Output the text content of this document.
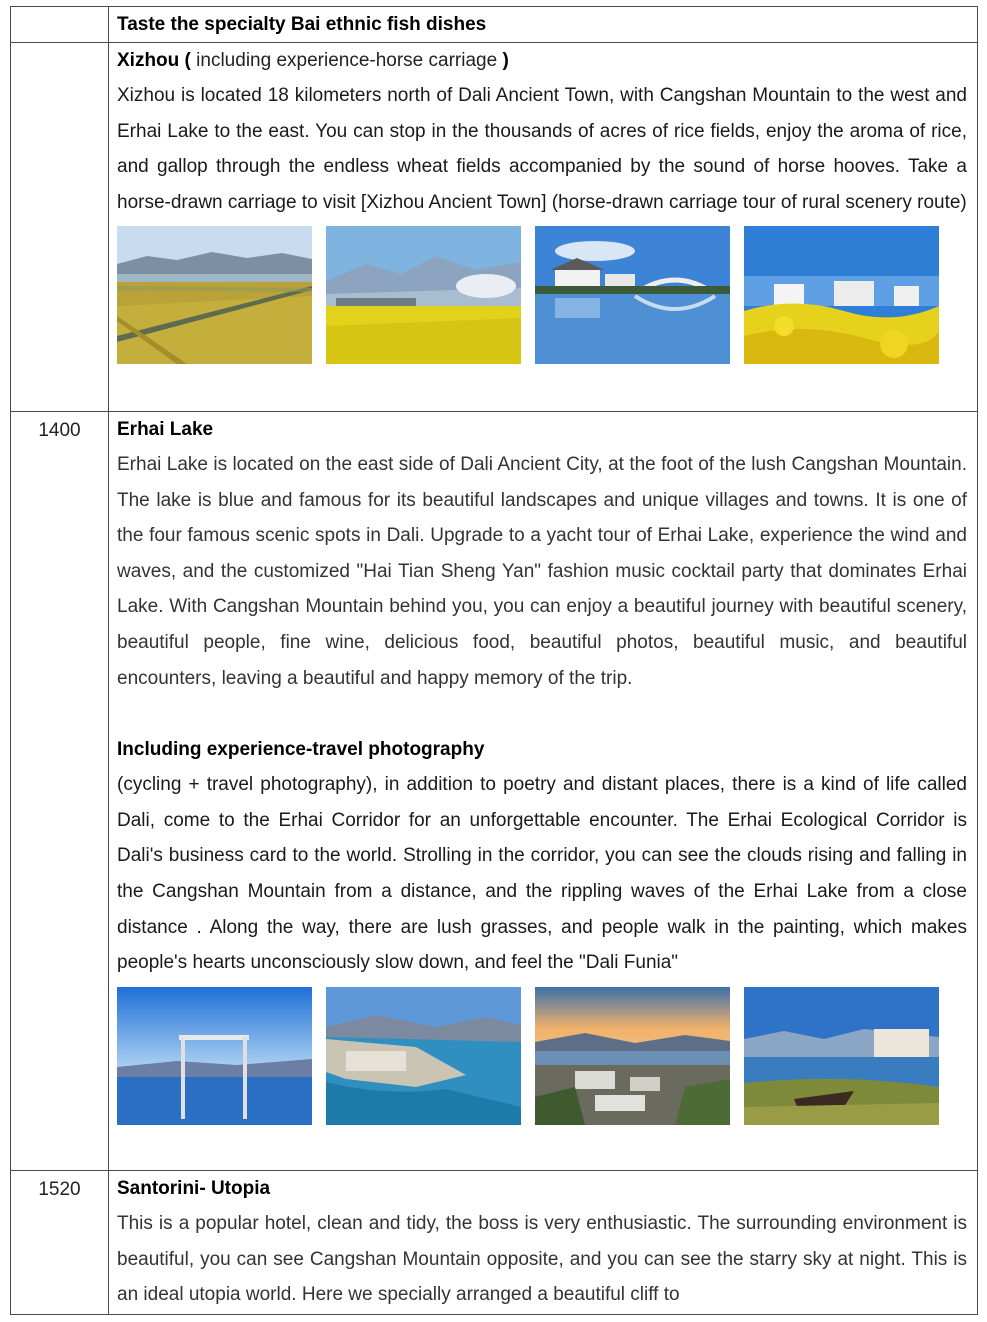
	Taste the specialty Bai ethnic fish dishes

	Xizhou ( including experience-horse carriage )

Xizhou is located 18 kilometers north of Dali Ancient Town, with Cangshan Mountain to the west and Erhai Lake to the east. You can stop in the thousands of acres of rice fields, enjoy the aroma of rice, and gallop through the endless wheat fields accompanied by the sound of horse hooves. Take a horse-drawn carriage to visit [Xizhou Ancient Town] (horse-drawn carriage tour of rural scenery route)

1400	Erhai Lake

Erhai Lake is located on the east side of Dali Ancient City, at the foot of the lush Cangshan Mountain. The lake is blue and famous for its beautiful landscapes and unique villages and towns. It is one of the four famous scenic spots in Dali. Upgrade to a yacht tour of Erhai Lake, experience the wind and waves, and the customized "Hai Tian Sheng Yan" fashion music cocktail party that dominates Erhai Lake. With Cangshan Mountain behind you, you can enjoy a beautiful journey with beautiful scenery, beautiful people, fine wine, delicious food, beautiful photos, beautiful music, and beautiful encounters, leaving a beautiful and happy memory of the trip.

Including experience-travel photography

(cycling + travel photography), in addition to poetry and distant places, there is a kind of life called Dali, come to the Erhai Corridor for an unforgettable encounter. The Erhai Ecological Corridor is Dali's business card to the world. Strolling in the corridor, you can see the clouds rising and falling in the Cangshan Mountain from a distance, and the rippling waves of the Erhai Lake from a close distance . Along the way, there are lush grasses, and people walk in the painting, which makes people's hearts unconsciously slow down, and feel the "Dali Funia"

1520	Santorini- Utopia

This is a popular hotel, clean and tidy, the boss is very enthusiastic. The surrounding environment is beautiful, you can see Cangshan Mountain opposite, and you can see the starry sky at night. This is an ideal utopia world. Here we specially arranged a beautiful cliff to
